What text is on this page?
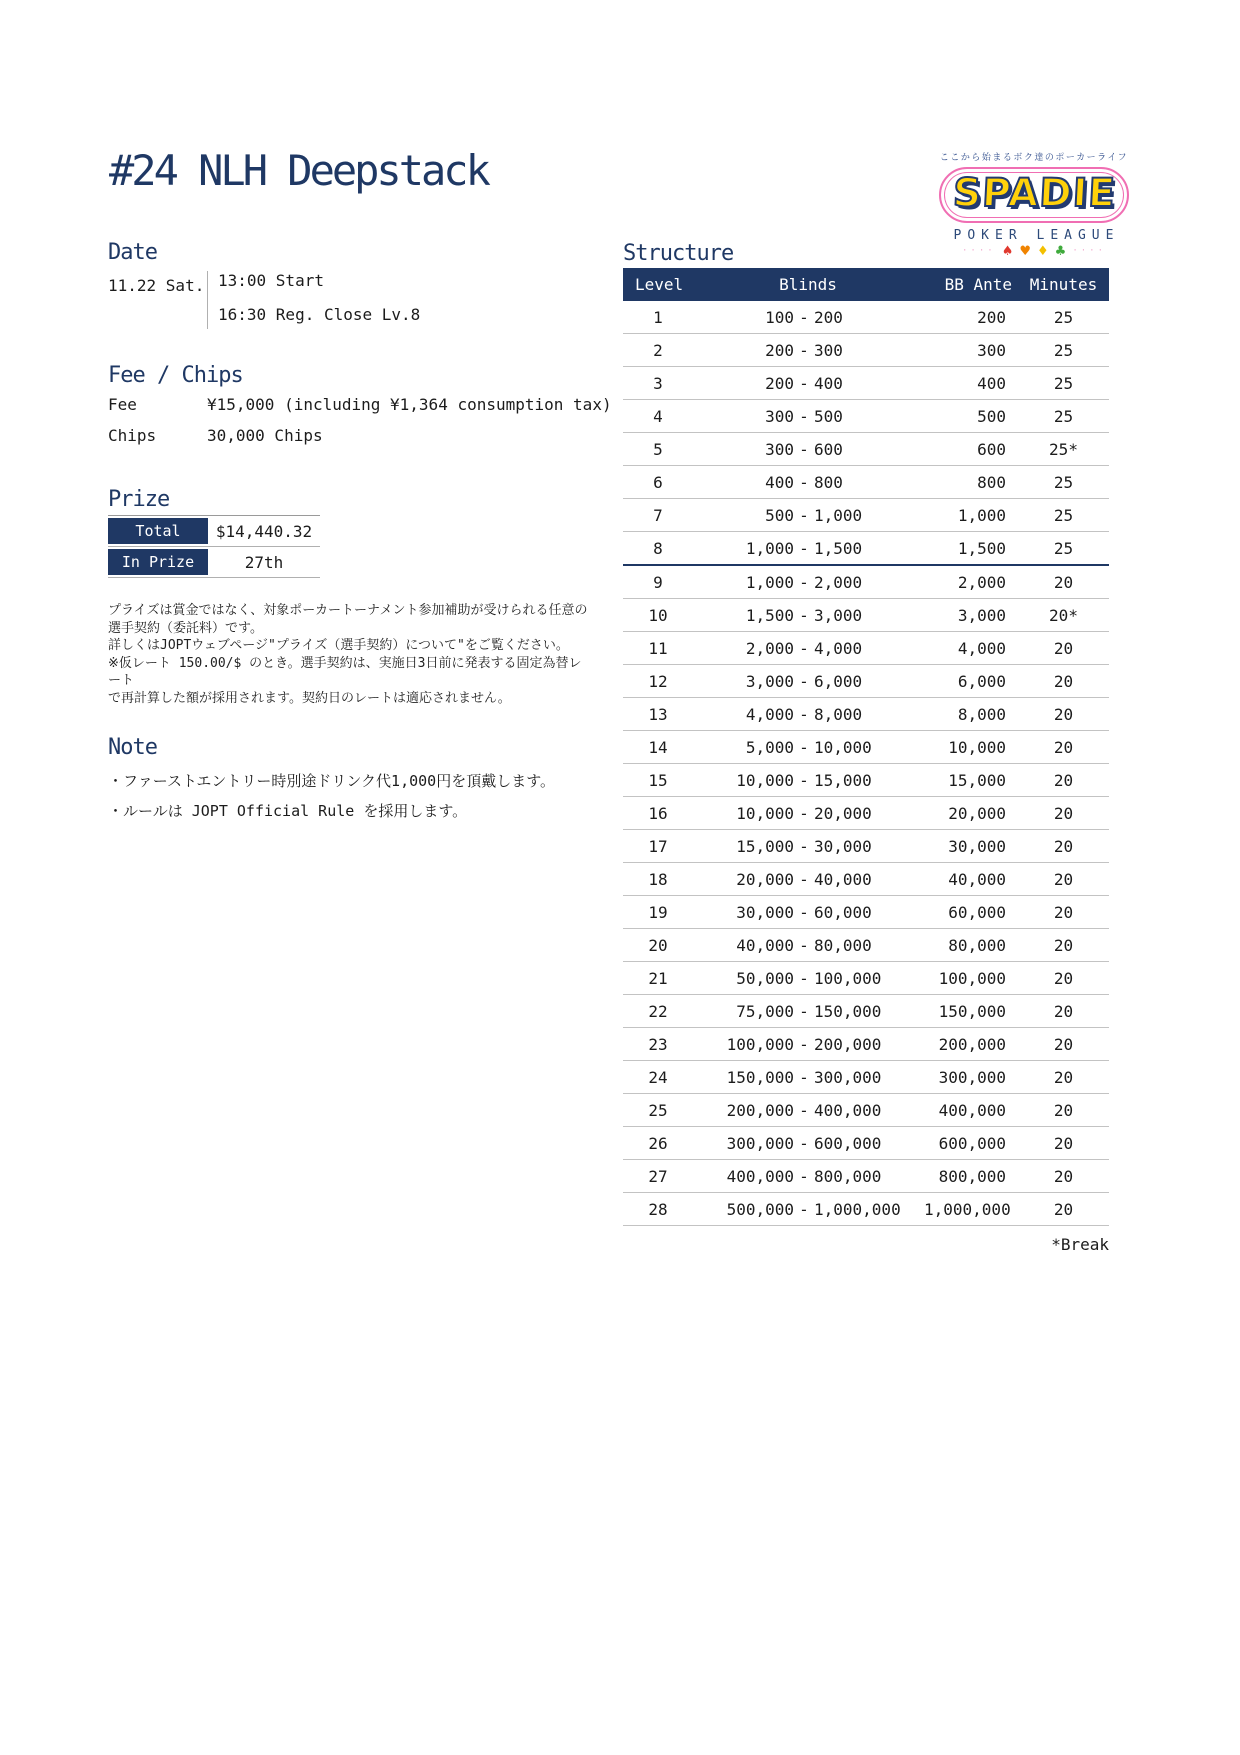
#24 NLH Deepstack	ここから始まるボク達のポーカーライフ
SPADIE
POKER LEAGUE
···· ♠ ♥ ♦ ♣ ····
Date
11.22 Sat. 13:00 Start
16:30 Reg. Close Lv.8
Fee / Chips
Fee	¥15,000 (including ¥1,364 consumption tax)
Chips	30,000 Chips
Prize
Total	$14,440.32
In Prize	27th
プライズは賞金ではなく、対象ポーカートーナメント参加補助が受けられる任意の
選手契約（委託料）です。
詳しくはJOPTウェブページ"プライズ（選手契約）について"をご覧ください。
※仮レート 150.00/$ のとき。選手契約は、実施日3日前に発表する固定為替レート
で再計算した額が採用されます。契約日のレートは適応されません。
Note
・ファーストエントリー時別途ドリンク代1,000円を頂戴します。
・ルールは JOPT Official Rule を採用します。
Structure
Level	Blinds	BB Ante	Minutes
1	100 - 200	200	25
2	200 - 300	300	25
3	200 - 400	400	25
4	300 - 500	500	25
5	300 - 600	600	25*
6	400 - 800	800	25
7	500 - 1,000	1,000	25
8	1,000 - 1,500	1,500	25
9	1,000 - 2,000	2,000	20
10	1,500 - 3,000	3,000	20*
11	2,000 - 4,000	4,000	20
12	3,000 - 6,000	6,000	20
13	4,000 - 8,000	8,000	20
14	5,000 - 10,000	10,000	20
15	10,000 - 15,000	15,000	20
16	10,000 - 20,000	20,000	20
17	15,000 - 30,000	30,000	20
18	20,000 - 40,000	40,000	20
19	30,000 - 60,000	60,000	20
20	40,000 - 80,000	80,000	20
21	50,000 - 100,000	100,000	20
22	75,000 - 150,000	150,000	20
23	100,000 - 200,000	200,000	20
24	150,000 - 300,000	300,000	20
25	200,000 - 400,000	400,000	20
26	300,000 - 600,000	600,000	20
27	400,000 - 800,000	800,000	20
28	500,000 - 1,000,000	1,000,000	20
*Break
